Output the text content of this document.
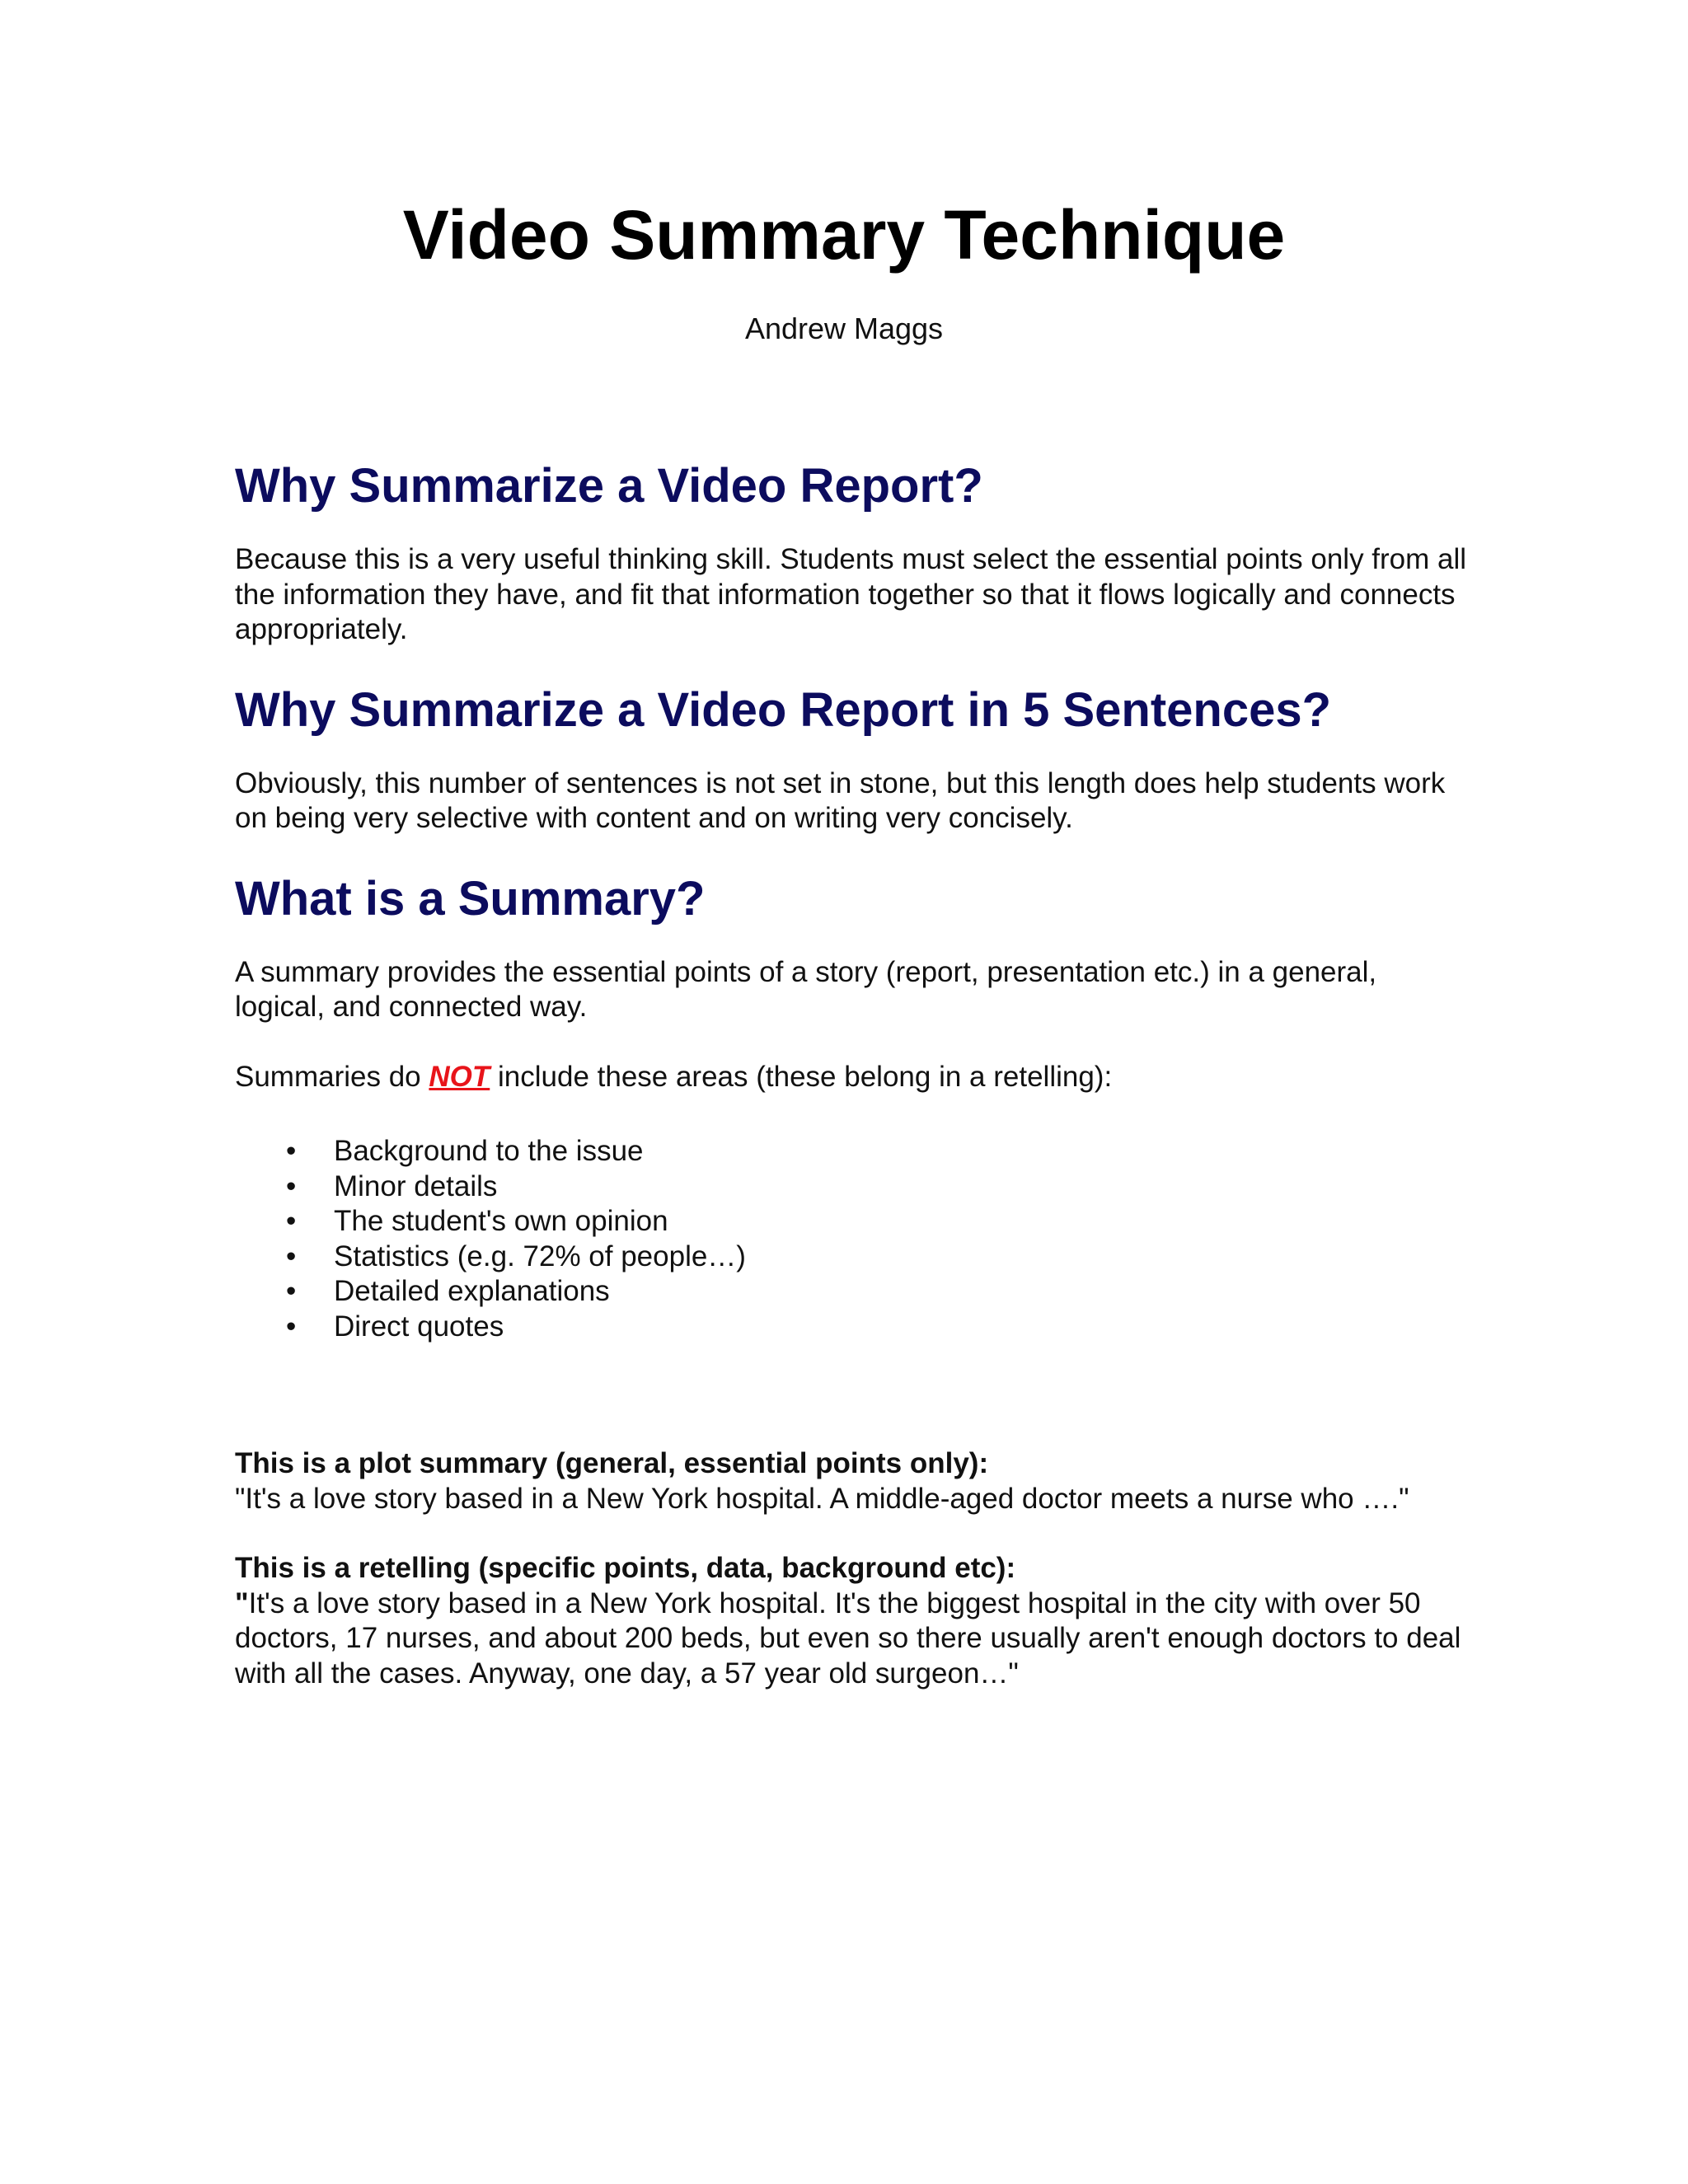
Video Summary Technique
Andrew Maggs
Why Summarize a Video Report?

Because this is a very useful thinking skill. Students must select the essential points only from all the information they have, and fit that information together so that it flows logically and connects appropriately.

Why Summarize a Video Report in 5 Sentences?

Obviously, this number of sentences is not set in stone, but this length does help students work on being very selective with content and on writing very concisely.

What is a Summary?

A summary provides the essential points of a story (report, presentation etc.) in a general, logical, and connected way.

Summaries do NOT include these areas (these belong in a retelling):

• Background to the issue
• Minor details
• The student's own opinion
• Statistics (e.g. 72% of people…)
• Detailed explanations
• Direct quotes
This is a plot summary (general, essential points only):
"It's a love story based in a New York hospital. A middle-aged doctor meets a nurse who …."
This is a retelling (specific points, data, background etc):
"It's a love story based in a New York hospital. It's the biggest hospital in the city with over 50 doctors, 17 nurses, and about 200 beds, but even so there usually aren't enough doctors to deal with all the cases. Anyway, one day, a 57 year old surgeon…"
